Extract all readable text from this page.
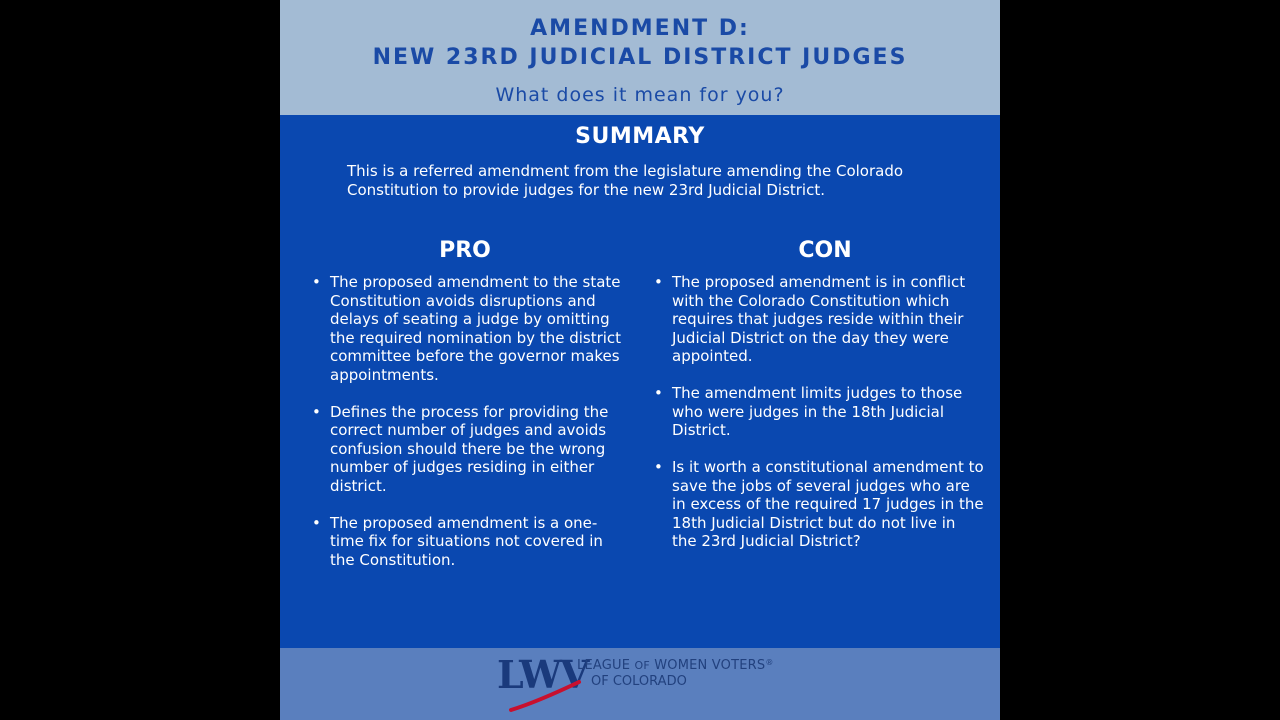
AMENDMENT D:
NEW 23RD JUDICIAL DISTRICT JUDGES
What does it mean for you?
SUMMARY
This is a referred amendment from the legislature amending the Colorado Constitution to provide judges for the new 23rd Judicial District.
PRO	CON
• The proposed amendment to the state Constitution avoids disruptions and delays of seating a judge by omitting the required nomination by the district committee before the governor makes appointments.
• Defines the process for providing the correct number of judges and avoids confusion should there be the wrong number of judges residing in either district.
• The proposed amendment is a one-time fix for situations not covered in the Constitution.
• The proposed amendment is in conflict with the Colorado Constitution which requires that judges reside within their Judicial District on the day they were appointed.
• The amendment limits judges to those who were judges in the 18th Judicial District.
• Is it worth a constitutional amendment to save the jobs of several judges who are in excess of the required 17 judges in the 18th Judicial District but do not live in the 23rd Judicial District?
LWV
LEAGUE OF WOMEN VOTERS®
OF COLORADO
